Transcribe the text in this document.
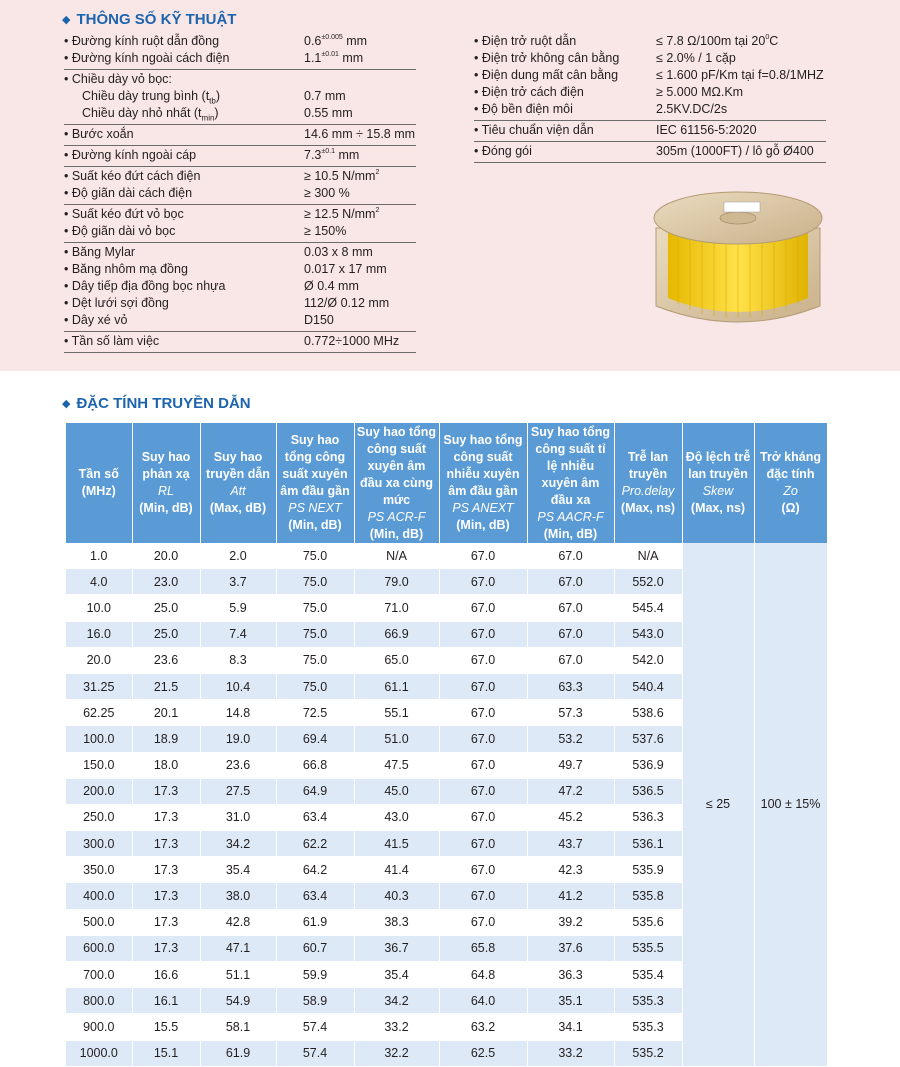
◆ THÔNG SỐ KỸ THUẬT
• Đường kính ruột dẫn đồng	$0.6^{\pm 0.005}$ mm
• Đường kính ngoài cách điện	$1.1^{\pm 0.01}$ mm
• Chiều dày vỏ bọc:
Chiều dày trung bình $(t_{tb})$	0.7 mm
Chiều dày nhỏ nhất $(t_{min})$	0.55 mm
• Bước xoắn	14.6 mm ÷ 15.8 mm
• Đường kính ngoài cáp	$7.3^{\pm 0.1}$ mm
• Suất kéo đứt cách điện	≥ 10.5 $N/mm^2$
• Độ giãn dài cách điện	≥ 300 %
• Suất kéo đứt vỏ bọc	≥ 12.5 $N/mm^2$
• Độ giãn dài vỏ bọc	≥ 150%
• Băng Mylar	0.03 x 8 mm
• Băng nhôm mạ đồng	0.017 x 17 mm
• Dây tiếp địa đồng bọc nhựa	Ø 0.4 mm
• Dệt lưới sợi đồng	112/Ø 0.12 mm
• Dây xé vỏ	D150
• Tần số làm việc	0.772÷1000 MHz
• Điện trở ruột dẫn	≤ 7.8 Ω/100m tại $20^0C$
• Điện trở không cân bằng	≤ 2.0% / 1 cặp
• Điện dung mất cân bằng	≤ 1.600 pF/Km tại f=0.8/1MHZ
• Điện trở cách điện	≥ 5.000 MΩ.Km
• Độ bền điện môi	2.5KV.DC/2s
• Tiêu chuẩn viện dẫn	IEC 61156-5:2020
• Đóng gói	305m (1000FT) / lô gỗ Ø400
◆ ĐẶC TÍNH TRUYỀN DẪN
Tần số (MHz)	Suy hao phản xạ
RL
(Min, dB)	Suy hao truyền dẫn
Att
(Max, dB)	Suy hao tổng công suất xuyên âm đầu gần
PS NEXT
(Min, dB)	Suy hao tổng công suất xuyên âm đầu xa cùng mức
PS ACR-F
(Min, dB)	Suy hao tổng công suất nhiễu xuyên âm đầu gần
PS ANEXT
(Min, dB)	Suy hao tổng công suất tỉ lệ nhiễu xuyên âm đầu xa
PS AACR-F
(Min, dB)	Trễ lan truyền
Pro.delay
(Max, ns)	Độ lệch trễ lan truyền
Skew
(Max, ns)	Trở kháng đặc tính
Zo
(Ω)

1.0	20.0	2.0	75.0	N/A	67.0	67.0	N/A	≤ 25	100 ± 15%
4.0	23.0	3.7	75.0	79.0	67.0	67.0	552.0		
10.0	25.0	5.9	75.0	71.0	67.0	67.0	545.4		
16.0	25.0	7.4	75.0	66.9	67.0	67.0	543.0		
20.0	23.6	8.3	75.0	65.0	67.0	67.0	542.0		
31.25	21.5	10.4	75.0	61.1	67.0	63.3	540.4		
62.25	20.1	14.8	72.5	55.1	67.0	57.3	538.6		
100.0	18.9	19.0	69.4	51.0	67.0	53.2	537.6		
150.0	18.0	23.6	66.8	47.5	67.0	49.7	536.9		
200.0	17.3	27.5	64.9	45.0	67.0	47.2	536.5		
250.0	17.3	31.0	63.4	43.0	67.0	45.2	536.3		
300.0	17.3	34.2	62.2	41.5	67.0	43.7	536.1		
350.0	17.3	35.4	64.2	41.4	67.0	42.3	535.9		
400.0	17.3	38.0	63.4	40.3	67.0	41.2	535.8		
500.0	17.3	42.8	61.9	38.3	67.0	39.2	535.6		
600.0	17.3	47.1	60.7	36.7	65.8	37.6	535.5		
700.0	16.6	51.1	59.9	35.4	64.8	36.3	535.4		
800.0	16.1	54.9	58.9	34.2	64.0	35.1	535.3		
900.0	15.5	58.1	57.4	33.2	63.2	34.1	535.3		
1000.0	15.1	61.9	57.4	32.2	62.5	33.2	535.2		
